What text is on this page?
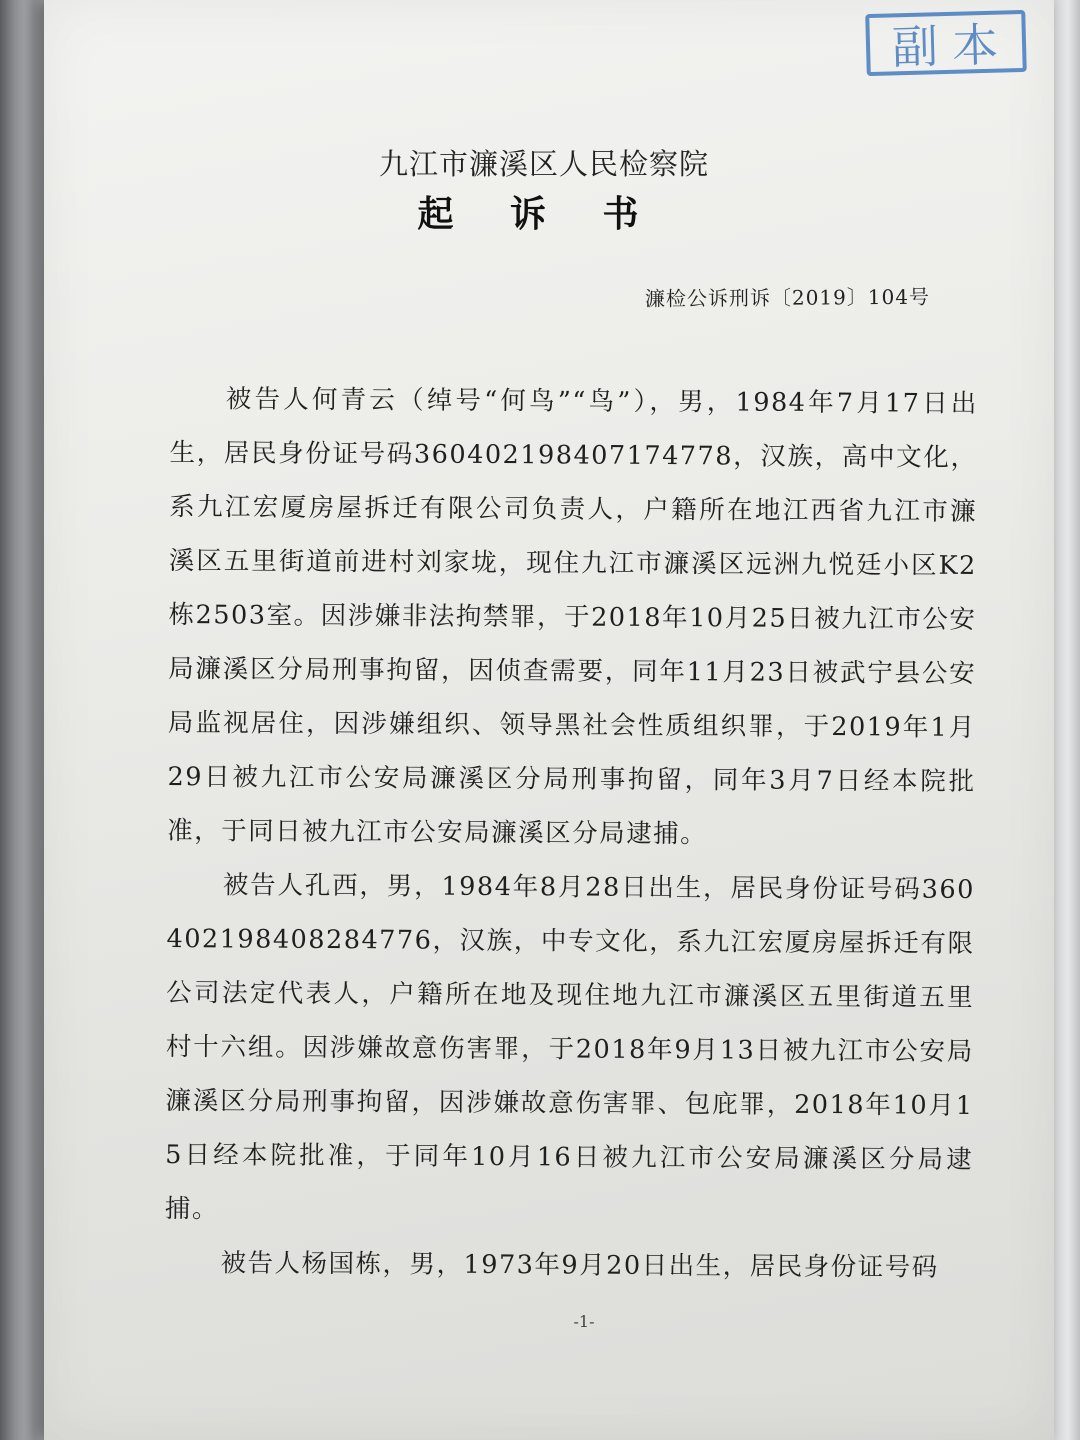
副本
九江市濂溪区人民检察院
起 诉 书
濂检公诉刑诉〔2019〕104号

被告人何青云（绰号“何鸟”“鸟”），男，1984年7月17日出生，居民身份证号码360402198407174778，汉族，高中文化，系九江宏厦房屋拆迁有限公司负责人，户籍所在地江西省九江市濂溪区五里街道前进村刘家垅，现住九江市濂溪区远洲九悦廷小区K2栋2503室。因涉嫌非法拘禁罪，于2018年10月25日被九江市公安局濂溪区分局刑事拘留，因侦查需要，同年11月23日被武宁县公安局监视居住，因涉嫌组织、领导黑社会性质组织罪，于2019年1月29日被九江市公安局濂溪区分局刑事拘留，同年3月7日经本院批准，于同日被九江市公安局濂溪区分局逮捕。

被告人孔西，男，1984年8月28日出生，居民身份证号码360402198408284776，汉族，中专文化，系九江宏厦房屋拆迁有限公司法定代表人，户籍所在地及现住地九江市濂溪区五里街道五里村十六组。因涉嫌故意伤害罪，于2018年9月13日被九江市公安局濂溪区分局刑事拘留，因涉嫌故意伤害罪、包庇罪，2018年10月15日经本院批准，于同年10月16日被九江市公安局濂溪区分局逮捕。

被告人杨国栋，男，1973年9月20日出生，居民身份证号码

-1-
